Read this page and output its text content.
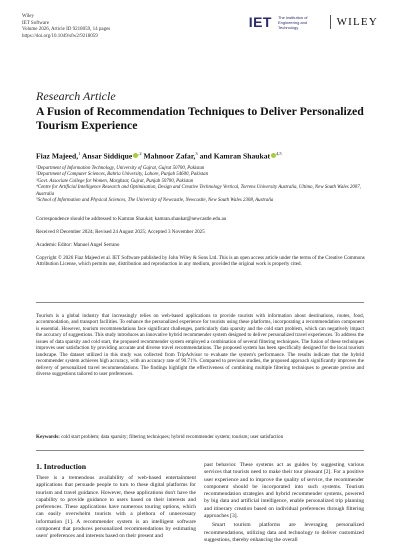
Wiley
IET Software
Volume 2026, Article ID 9218059, 14 pages
https://doi.org/10.1049/sfw2/9218059
IET The Institution of Engineering and Technology	WILEY
Research Article
A Fusion of Recommendation Techniques to Deliver Personalized Tourism Experience
Fiaz Majeed,$^1$ Ansar Siddique $^{,2}$ Mahnoor Zafar,$^3$ and Kamran Shaukat $^{4,5}$
¹Department of Information Technology, University of Gujrat, Gujrat 50700, Pakistan
²Department of Computer Sciences, Bahria University, Lahore, Punjab 54600, Pakistan
³Govt. Associate College for Women, Marghzar, Gujrat, Punjab 50700, Pakistan
⁴Centre for Artificial Intelligence Research and Optimisation, Design and Creative Technology Vertical, Torrens University Australia, Ultimo, New South Wales 2007, Australia
⁵School of Information and Physical Sciences, The University of Newcastle, Newcastle, New South Wales 2308, Australia
Correspondence should be addressed to Kamran Shaukat; kamran.shaukat@newcastle.edu.au
Received 8 December 2024; Revised 24 August 2025; Accepted 3 November 2025
Academic Editor: Manuel Angel Serrano
Copyright © 2026 Fiaz Majeed et al. IET Software published by John Wiley & Sons Ltd. This is an open access article under the terms of the Creative Commons Attribution License, which permits use, distribution and reproduction in any medium, provided the original work is properly cited.
Tourism is a global industry that increasingly relies on web-based applications to provide tourists with information about destinations, routes, food, accommodation, and transport facilities. To enhance the personalized experience for tourists using these platforms, incorporating a recommendation component is essential. However, tourism recommendations face significant challenges, particularly data sparsity and the cold start problem, which can negatively impact the accuracy of suggestions. This study introduces an innovative hybrid recommender system designed to deliver personalized travel experiences. To address the issues of data sparsity and cold start, the proposed recommender system employed a combination of several filtering techniques. The fusion of these techniques improves user satisfaction by providing accurate and diverse travel recommendations. The proposed system has been specifically designed for the local tourism landscape. The dataset utilized in this study was collected from TripAdvisor to evaluate the system's performance. The results indicate that the hybrid recommender system achieves high accuracy, with an accuracy rate of 90.71%. Compared to previous studies, the proposed approach significantly improves the delivery of personalized travel recommendations. The findings highlight the effectiveness of combining multiple filtering techniques to generate precise and diverse suggestions tailored to user preferences.
Keywords: cold start problem; data sparsity; filtering techniques; hybrid recommender system; tourism; user satisfaction
1. Introduction

There is a tremendous availability of web-based entertainment applications that persuade people to turn to these digital platforms for tourism and travel guidance. However, these applications don't have the capability to provide guidance to users based on their interests and preferences. These applications have numerous touring options, which can easily overwhelm tourists with a plethora of unnecessary information [1]. A recommender system is an intelligent software component that produces personalized recommendations by estimating users' preferences and interests based on their present and

past behavior. These systems act as guides by suggesting various services that tourists need to make their tour pleasant [2]. For a positive user experience and to improve the quality of service, the recommender component should be incorporated into such systems. Tourism recommendation strategies and hybrid recommender systems, powered by big data and artificial intelligence, enable personalized trip planning and itinerary creation based on individual preferences through filtering approaches [3].

Smart tourism platforms are leveraging personalized recommendations, utilizing data and technology to deliver customized suggestions, thereby enhancing the overall
